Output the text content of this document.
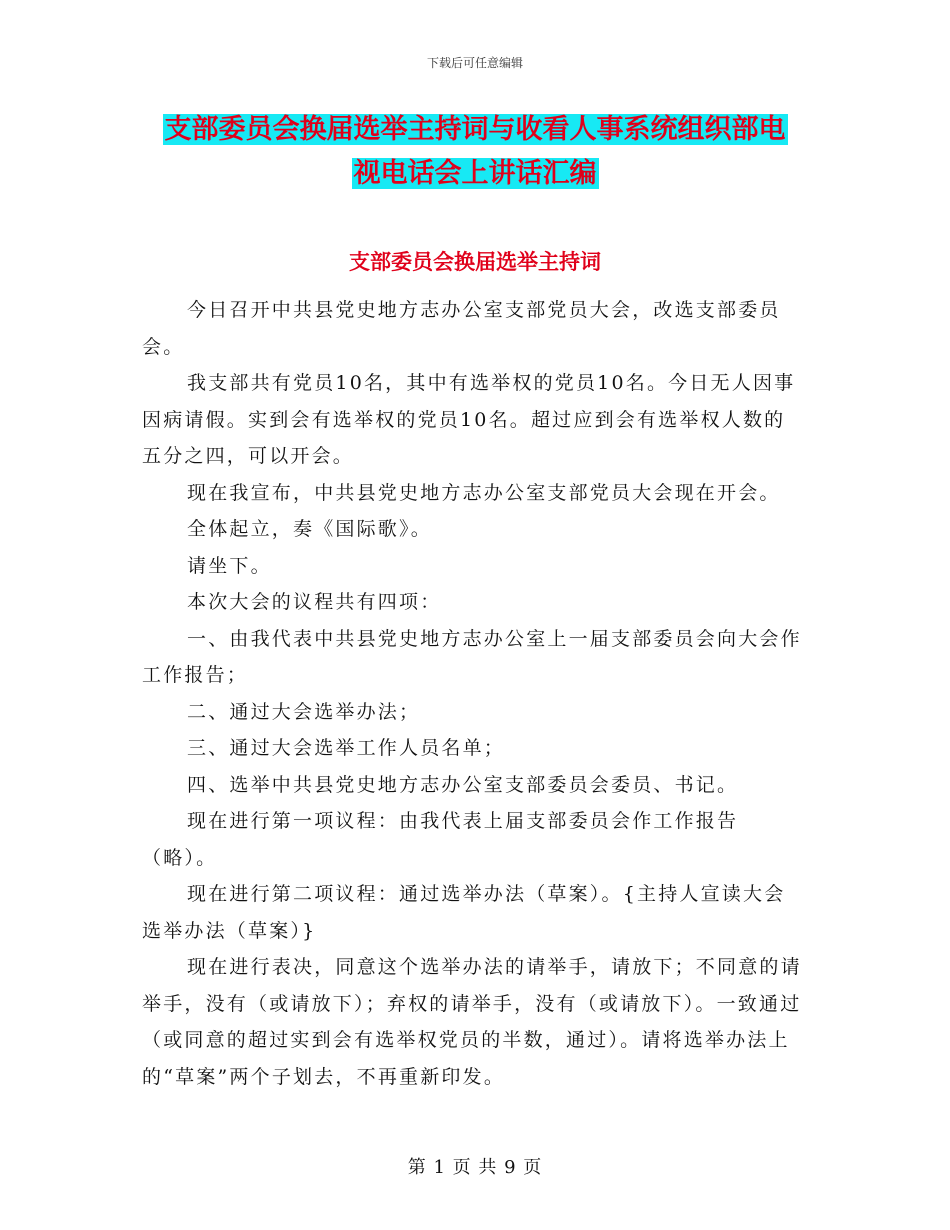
下载后可任意编辑
支部委员会换届选举主持词与收看人事系统组织部电
视电话会上讲话汇编
支部委员会换届选举主持词

今日召开中共县党史地方志办公室支部党员大会，改选支部委员会。

我支部共有党员10名，其中有选举权的党员10名。今日无人因事因病请假。实到会有选举权的党员10名。超过应到会有选举权人数的五分之四，可以开会。

现在我宣布，中共县党史地方志办公室支部党员大会现在开会。

全体起立，奏《国际歌》。

请坐下。

本次大会的议程共有四项：

一、由我代表中共县党史地方志办公室上一届支部委员会向大会作工作报告；

二、通过大会选举办法；

三、通过大会选举工作人员名单；

四、选举中共县党史地方志办公室支部委员会委员、书记。

现在进行第一项议程：由我代表上届支部委员会作工作报告（略）。

现在进行第二项议程：通过选举办法（草案）。{主持人宣读大会选举办法（草案）}

现在进行表决，同意这个选举办法的请举手，请放下；不同意的请举手，没有（或请放下）；弃权的请举手，没有（或请放下）。一致通过（或同意的超过实到会有选举权党员的半数，通过）。请将选举办法上的“草案”两个子划去，不再重新印发。

第 1 页 共 9 页
